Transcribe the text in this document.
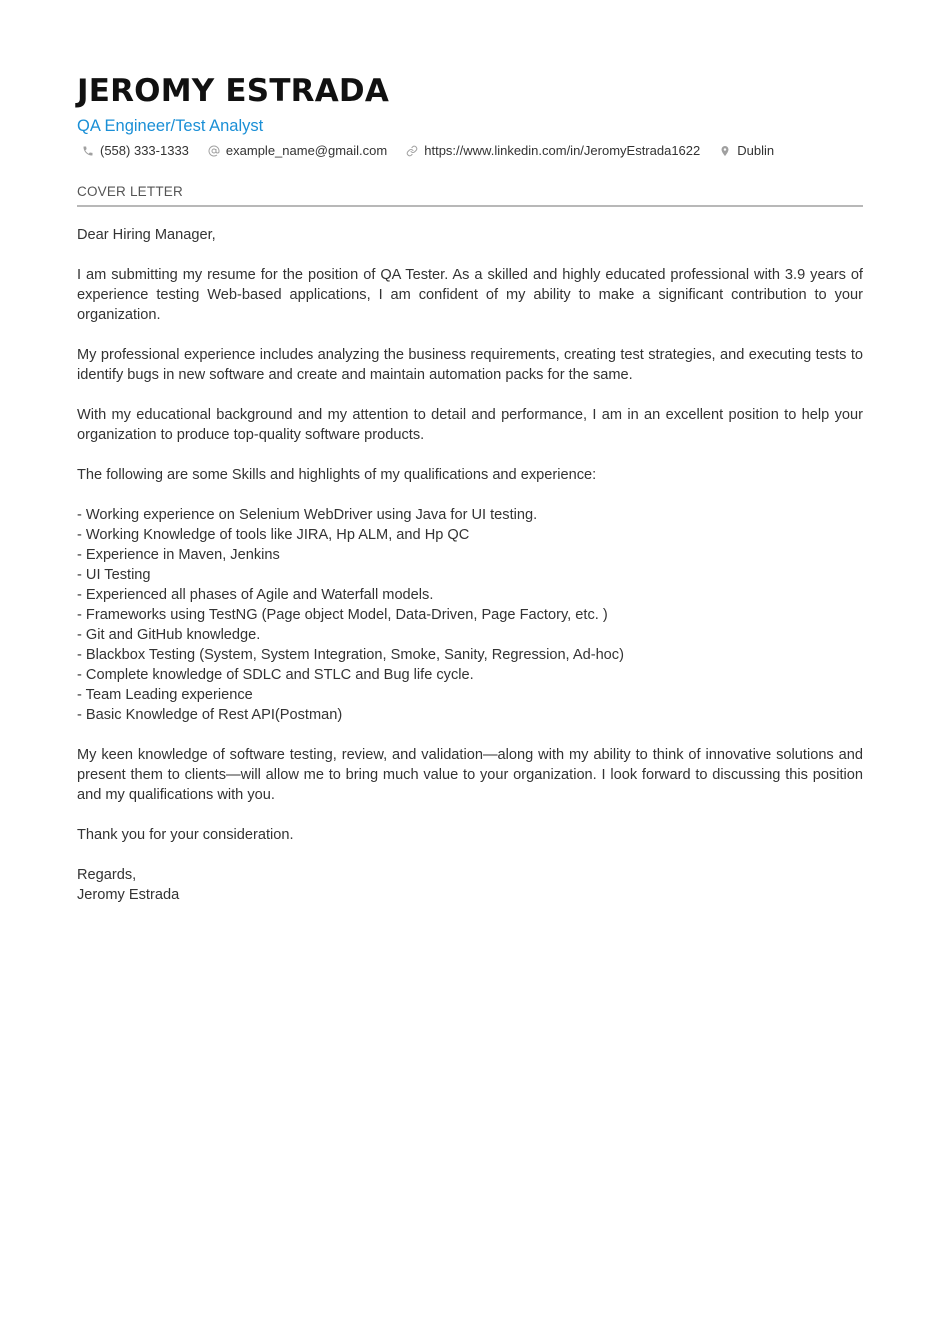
JEROMY ESTRADA
QA Engineer/Test Analyst
(558) 333-1333	example_name@gmail.com	https://www.linkedin.com/in/JeromyEstrada1622	Dublin
COVER LETTER

Dear Hiring Manager,

I am submitting my resume for the position of QA Tester. As a skilled and highly educated professional with 3.9 years of experience testing Web-based applications, I am confident of my ability to make a significant contribution to your organization.

My professional experience includes analyzing the business requirements, creating test strategies, and executing tests to identify bugs in new software and create and maintain automation packs for the same.

With my educational background and my attention to detail and performance, I am in an excellent position to help your organization to produce top-quality software products.

The following are some Skills and highlights of my qualifications and experience:

- Working experience on Selenium WebDriver using Java for UI testing.
- Working Knowledge of tools like JIRA, Hp ALM, and Hp QC
- Experience in Maven, Jenkins
- UI Testing
- Experienced all phases of Agile and Waterfall models.
- Frameworks using TestNG (Page object Model, Data-Driven, Page Factory, etc. )
- Git and GitHub knowledge.
- Blackbox Testing (System, System Integration, Smoke, Sanity, Regression, Ad-hoc)
- Complete knowledge of SDLC and STLC and Bug life cycle.
- Team Leading experience
- Basic Knowledge of Rest API(Postman)

My keen knowledge of software testing, review, and validation—along with my ability to think of innovative solutions and present them to clients—will allow me to bring much value to your organization. I look forward to discussing this position and my qualifications with you.

Thank you for your consideration.

Regards,
Jeromy Estrada
